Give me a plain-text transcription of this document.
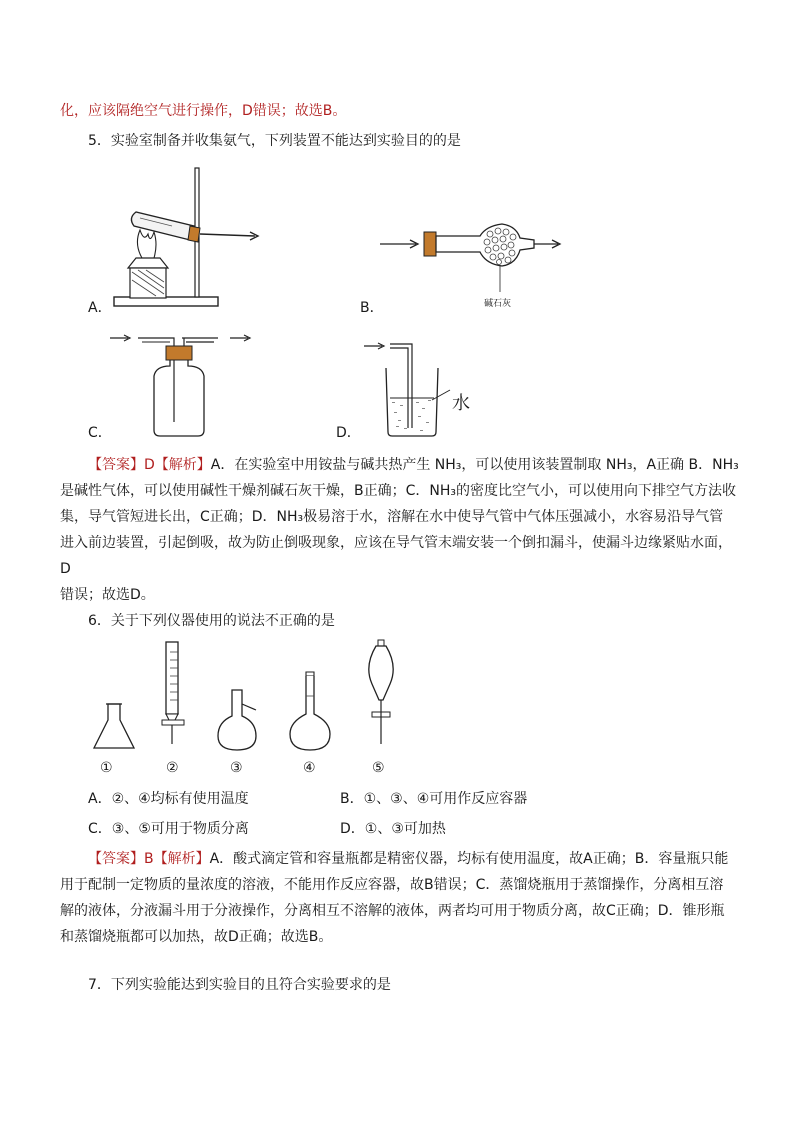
化，应该隔绝空气进行操作，D错误；故选B。
5．实验室制备并收集氨气，下列装置不能达到实验目的的是
A．	碱石灰
B．
C．
水
D．
【答案】D【解析】A．在实验室中用铵盐与碱共热产生 NH₃，可以使用该装置制取 NH₃，A正确 B．NH₃
是碱性气体，可以使用碱性干燥剂碱石灰干燥，B正确；C．NH₃的密度比空气小，可以使用向下排空气方法收
集，导气管短进长出，C正确；D．NH₃极易溶于水，溶解在水中使导气管中气体压强减小，水容易沿导气管
进入前边装置，引起倒吸，故为防止倒吸现象，应该在导气管末端安装一个倒扣漏斗，使漏斗边缘紧贴水面，D
错误；故选D。
6．关于下列仪器使用的说法不正确的是
①	②	③	④	⑤
A．②、④均标有使用温度	B．①、③、④可用作反应容器
C．③、⑤可用于物质分离	D．①、③可加热
【答案】B【解析】A．酸式滴定管和容量瓶都是精密仪器，均标有使用温度，故A正确；B．容量瓶只能
用于配制一定物质的量浓度的溶液，不能用作反应容器，故B错误；C．蒸馏烧瓶用于蒸馏操作，分离相互溶
解的液体，分液漏斗用于分液操作，分离相互不溶解的液体，两者均可用于物质分离，故C正确；D．锥形瓶
和蒸馏烧瓶都可以加热，故D正确；故选B。
7．下列实验能达到实验目的且符合实验要求的是
